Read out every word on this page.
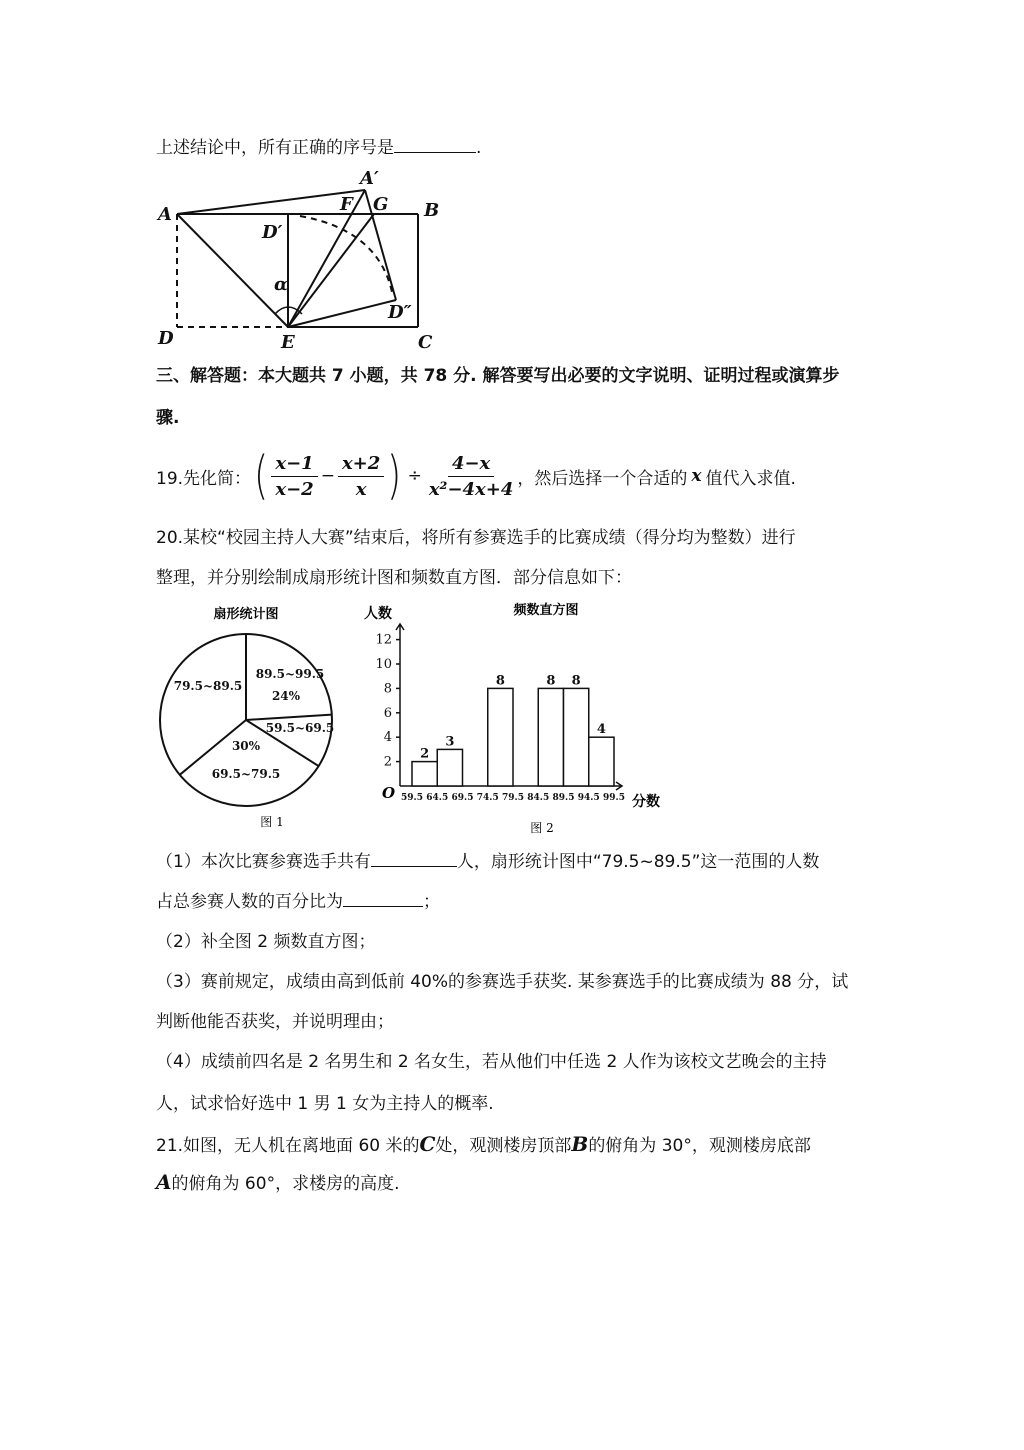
上述结论中，所有正确的序号是	.
A
A′
F G B
D′
α
D	E	C
D″
三、解答题：本大题共 7 小题，共 78 分. 解答要写出必要的文字说明、证明过程或演算步
骤.
19.先化简： ( $\frac{x-1}{x-2} - \frac{x+2}{x}$ ) ÷ $\frac{4-x}{\text{x²−4x+4}}$ ，然后选择一个合适的 x 值代入求值.
20.某校“校园主持人大赛”结束后，将所有参赛选手的比赛成绩（得分均为整数）进行
整理，并分别绘制成扇形统计图和频数直方图．部分信息如下：
扇形统计图
79.5~89.5
89.5~99.5
24%
59.5~69.5
30%
69.5~79.5
图 1
频数直方图
人数
O	分数
图 2
2
4
6
8
10
12
59.5 64.5 69.5 74.5 79.5 84.5 89.5 94.5 99.5
2
3
8	8 8
4
（1）本次比赛参赛选手共有	人，扇形统计图中“79.5~89.5”这一范围的人数
占总参赛人数的百分比为	；
（2）补全图 2 频数直方图；
（3）赛前规定，成绩由高到低前 40%的参赛选手获奖. 某参赛选手的比赛成绩为 88 分，试
判断他能否获奖，并说明理由；
（4）成绩前四名是 2 名男生和 2 名女生，若从他们中任选 2 人作为该校文艺晚会的主持
人，试求恰好选中 1 男 1 女为主持人的概率.
21.如图，无人机在离地面 60 米的C处，观测楼房顶部B的俯角为 30°，观测楼房底部
A的俯角为 60°，求楼房的高度.
